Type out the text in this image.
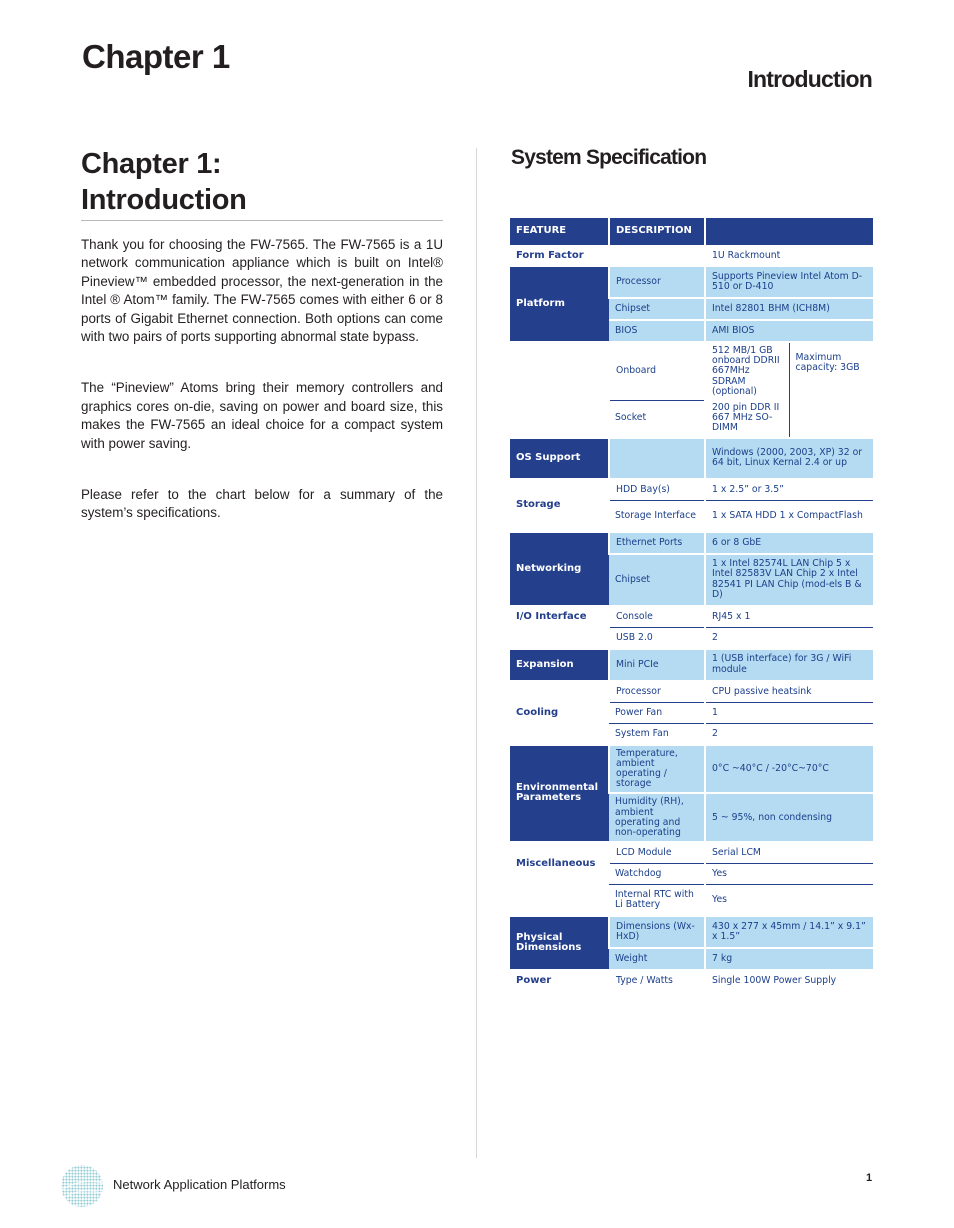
Chapter 1
Introduction
Chapter 1:
Introduction

Thank you for choosing the FW-7565. The FW-7565 is a 1U network communication appliance which is built on Intel® Pineview™ embedded processor, the next-generation in the Intel ® Atom™ family. The FW-7565 comes with either 6 or 8 ports of Gigabit Ethernet connection. Both options can come with two pairs of ports supporting abnormal state bypass.

The “Pineview” Atoms bring their memory controllers and graphics cores on-die, saving on power and board size, this makes the FW-7565 an ideal choice for a compact system with power saving.

Please refer to the chart below for a summary of the system’s specifications.

System Specification
FEATURE	DESCRIPTION		
Form Factor		1U Rackmount	
Platform	Processor	Supports Pineview Intel Atom D-510 or D-410	
	Chipset	Intel 82801 BHM (ICH8M)	
	BIOS	AMI BIOS	
	Onboard	512 MB/1 GB onboard DDRII 667MHz SDRAM (optional)	Maximum capacity: 3GB
	Socket	200 pin DDR II 667 MHz SO-DIMM	
OS Support		Windows (2000, 2003, XP) 32 or 64 bit, Linux Kernal 2.4 or up	
Storage	HDD Bay(s)	1 x 2.5” or 3.5”	
	Storage Interface	1 x SATA HDD 1 x CompactFlash	
Networking	Ethernet Ports	6 or 8 GbE	
	Chipset	1 x Intel 82574L LAN Chip 5 x Intel 82583V LAN Chip 2 x Intel 82541 PI LAN Chip (mod-els B & D)	
I/O Interface	Console	RJ45 x 1	
	USB 2.0	2	
Expansion	Mini PCIe	1 (USB interface) for 3G / WiFi module	
Cooling	Processor	CPU passive heatsink	
	Power Fan	1	
	System Fan	2	
Environmental Parameters	Temperature, ambient operating / storage	0°C ~40°C / -20°C~70°C	
	Humidity (RH), ambient operating and non-operating	5 ~ 95%, non condensing	
Miscellaneous	LCD Module	Serial LCM	
	Watchdog	Yes	
	Internal RTC with Li Battery	Yes	
Physical Dimensions	Dimensions (Wx-HxD)	430 x 277 x 45mm / 14.1” x 9.1” x 1.5”	
	Weight	7 kg	
Power	Type / Watts	Single 100W Power Supply	
Network Application Platforms	1
